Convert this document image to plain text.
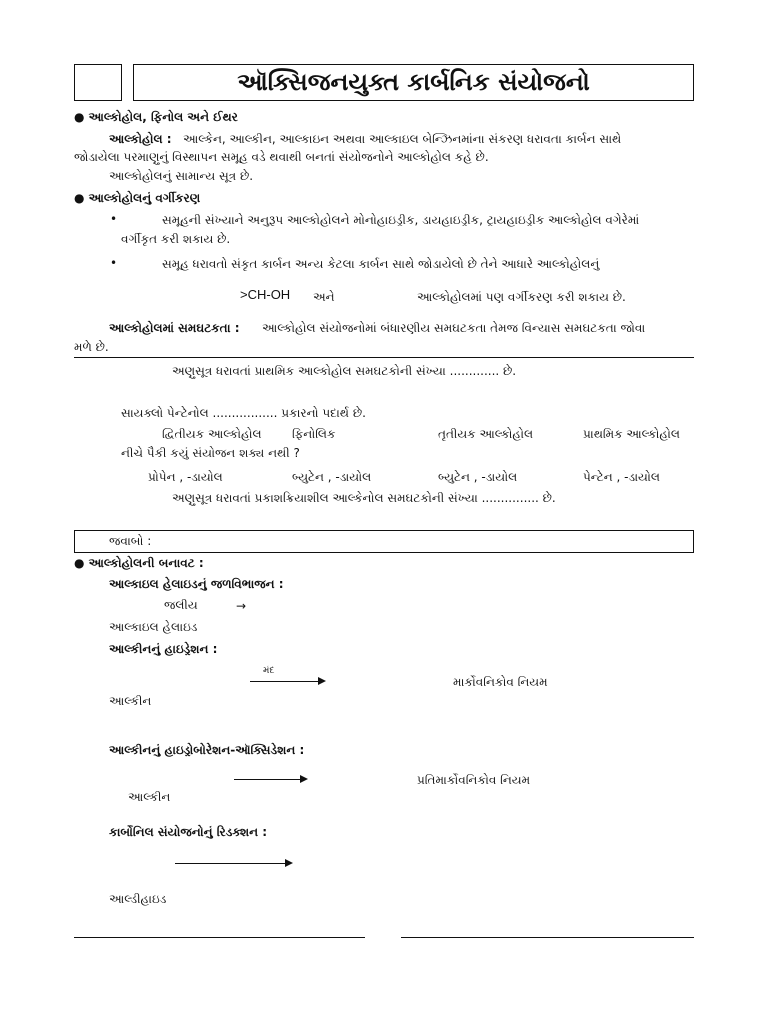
ઑક્સિજનયુક્ત કાર્બનિક સંયોજનો
● આલ્કોહોલ, ફિનોલ અને ઈથર
આલ્કોહોલ : આલ્કેન, આલ્કીન, આલ્કાઇન અથવા આલ્કાઇલ બેન્ઝિનમાંના સંકરણ ધરાવતા કાર્બન સાથે
જોડાયેલા પરમાણુનું વિસ્થાપન સમૂહ વડે થવાથી બનતાં સંયોજનોને આલ્કોહોલ કહે છે.
આલ્કોહોલનું સામાન્ય સૂત્ર છે.
● આલ્કોહોલનું વર્ગીકરણ
•	સમૂહની સંખ્યાને અનુરૂપ આલ્કોહોલને મોનોહાઇડ્રીક, ડાયહાઇડ્રીક, ટ્રાયહાઇડ્રીક આલ્કોહોલ વગેરેમાં
વર્ગીકૃત કરી શકાય છે.
•	સમૂહ ધરાવતો સંકૃત કાર્બન અન્ય કેટલા કાર્બન સાથે જોડાયેલો છે તેને આધારે આલ્કોહોલનું
>CH-OH અને	આલ્કોહોલમાં પણ વર્ગીકરણ કરી શકાય છે.
આલ્કોહોલમાં સમઘટકતા : આલ્કોહોલ સંયોજનોમાં બંધારણીય સમઘટકતા તેમજ વિન્યાસ સમઘટકતા જોવા
મળે છે.
અણુસૂત્ર ધરાવતાં પ્રાથમિક આલ્કોહોલ સમઘટકોની સંખ્યા ............. છે.
સાયક્લો પેન્ટેનોલ ................. પ્રકારનો પદાર્થ છે.
દ્વિતીયક આલ્કોહોલ	ફિનોલિક	તૃતીયક આલ્કોહોલ	પ્રાથમિક આલ્કોહોલ
નીચે પૈકી કયું સંયોજન શક્ય નથી ?
પ્રોપેન , -ડાયોલ	બ્યુટેન , -ડાયોલ	બ્યુટેન , -ડાયોલ	પેન્ટેન , -ડાયોલ
અણુસૂત્ર ધરાવતાં પ્રકાશક્રિયાશીલ આલ્કેનોલ સમઘટકોની સંખ્યા ............... છે.
જવાબો :
● આલ્કોહોલની બનાવટ :
આલ્કાઇલ હેલાઇડનું જળવિભાજન :
જલીય	→
આલ્કાઇલ હેલાઇડ
આલ્કીનનું હાઇડ્રેશન :
મંદ
માર્કોવનિકોવ નિયમ
આલ્કીન
આલ્કીનનું હાઇડ્રોબોરેશન-ઑક્સિડેશન :
પ્રતિમાર્કોવનિકોવ નિયમ
આલ્કીન
કાર્બોનિલ સંયોજનોનું રિડક્શન :
આલ્ડીહાઇડ
